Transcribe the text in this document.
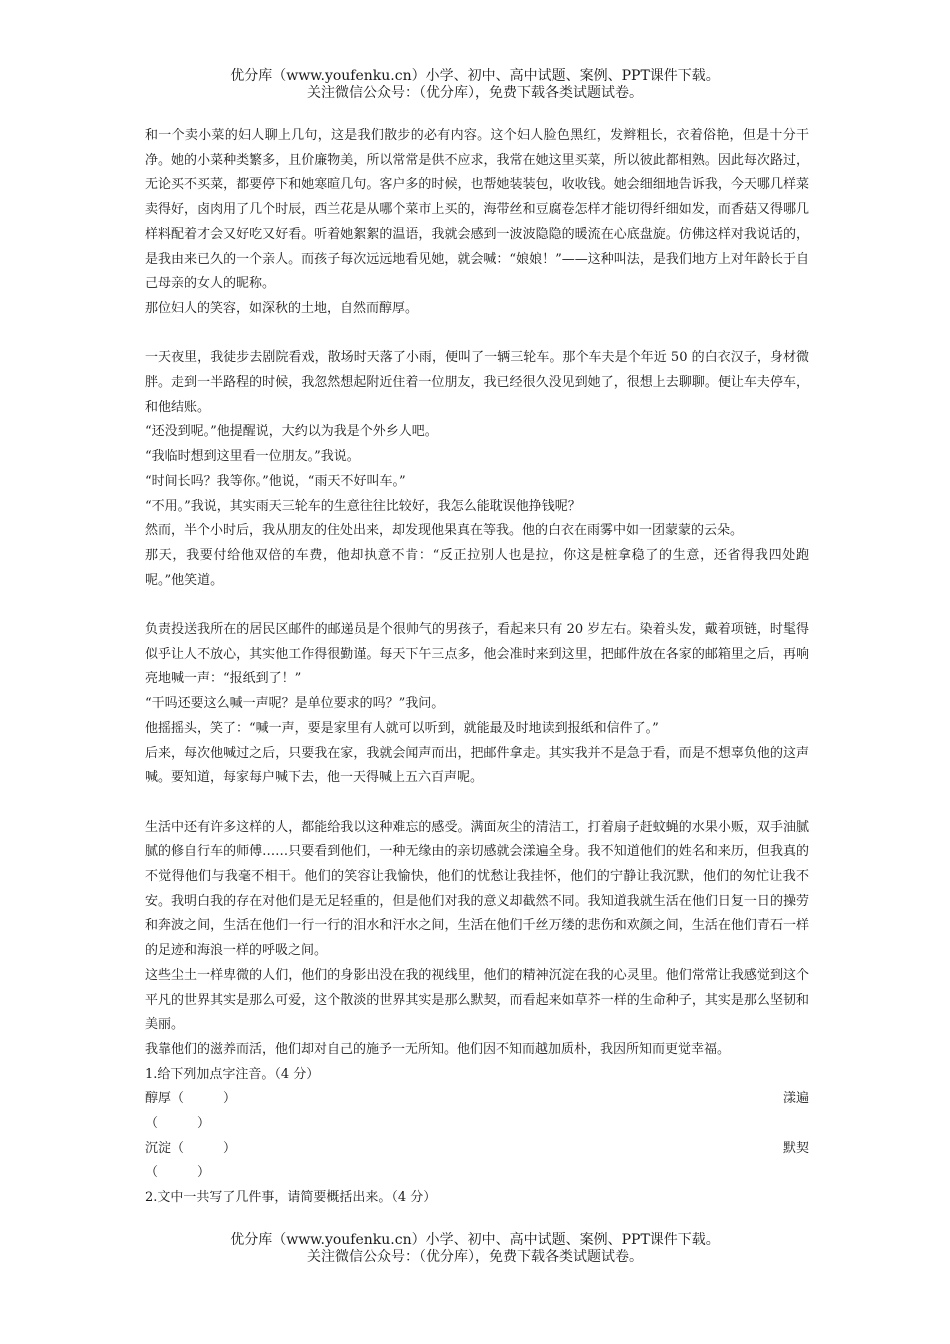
优分库（www.youfenku.cn）小学、初中、高中试题、案例、PPT课件下载。
关注微信公众号：（优分库），免费下载各类试题试卷。

和一个卖小菜的妇人聊上几句，这是我们散步的必有内容。这个妇人脸色黑红，发辫粗长，衣着俗艳，但是十分干净。她的小菜种类繁多，且价廉物美，所以常常是供不应求，我常在她这里买菜，所以彼此都相熟。因此每次路过，无论买不买菜，都要停下和她寒暄几句。客户多的时候，也帮她装装包，收收钱。她会细细地告诉我，今天哪几样菜卖得好，卤肉用了几个时辰，西兰花是从哪个菜市上买的，海带丝和豆腐卷怎样才能切得纤细如发，而香菇又得哪几样料配着才会又好吃又好看。听着她絮絮的温语，我就会感到一波波隐隐的暖流在心底盘旋。仿佛这样对我说话的，是我由来已久的一个亲人。而孩子每次远远地看见她，就会喊：“娘娘！”——这种叫法，是我们地方上对年龄长于自己母亲的女人的昵称。

那位妇人的笑容，如深秋的土地，自然而醇厚。

一天夜里，我徒步去剧院看戏，散场时天落了小雨，便叫了一辆三轮车。那个车夫是个年近 50 的白衣汉子，身材微胖。走到一半路程的时候，我忽然想起附近住着一位朋友，我已经很久没见到她了，很想上去聊聊。便让车夫停车，和他结账。

“还没到呢。”他提醒说，大约以为我是个外乡人吧。

“我临时想到这里看一位朋友。”我说。

“时间长吗？我等你。”他说，“雨天不好叫车。”

“不用。”我说，其实雨天三轮车的生意往往比较好，我怎么能耽误他挣钱呢？

然而，半个小时后，我从朋友的住处出来，却发现他果真在等我。他的白衣在雨雾中如一团蒙蒙的云朵。

那天，我要付给他双倍的车费，他却执意不肯：“反正拉别人也是拉，你这是桩拿稳了的生意，还省得我四处跑呢。”他笑道。

负责投送我所在的居民区邮件的邮递员是个很帅气的男孩子，看起来只有 20 岁左右。染着头发，戴着项链，时髦得似乎让人不放心，其实他工作得很勤谨。每天下午三点多，他会准时来到这里，把邮件放在各家的邮箱里之后，再响亮地喊一声：“报纸到了！”

“干吗还要这么喊一声呢？是单位要求的吗？”我问。

他摇摇头，笑了：“喊一声，要是家里有人就可以听到，就能最及时地读到报纸和信件了。”

后来，每次他喊过之后，只要我在家，我就会闻声而出，把邮件拿走。其实我并不是急于看，而是不想辜负他的这声喊。要知道，每家每户喊下去，他一天得喊上五六百声呢。

生活中还有许多这样的人，都能给我以这种难忘的感受。满面灰尘的清洁工，打着扇子赶蚊蝇的水果小贩，双手油腻腻的修自行车的师傅……只要看到他们，一种无缘由的亲切感就会漾遍全身。我不知道他们的姓名和来历，但我真的不觉得他们与我毫不相干。他们的笑容让我愉快，他们的忧愁让我挂怀，他们的宁静让我沉默，他们的匆忙让我不安。我明白我的存在对他们是无足轻重的，但是他们对我的意义却截然不同。我知道我就生活在他们日复一日的操劳和奔波之间，生活在他们一行一行的泪水和汗水之间，生活在他们千丝万缕的悲伤和欢颜之间，生活在他们青石一样的足迹和海浪一样的呼吸之间。

这些尘土一样卑微的人们，他们的身影出没在我的视线里，他们的精神沉淀在我的心灵里。他们常常让我感觉到这个平凡的世界其实是那么可爱，这个散淡的世界其实是那么默契，而看起来如草芥一样的生命种子，其实是那么坚韧和美丽。

我靠他们的滋养而活，他们却对自己的施予一无所知。他们因不知而越加质朴，我因所知而更觉幸福。

1.给下列加点字注音。（4 分）

醇厚（　　　）	漾遍

（　　　）

沉淀（　　　）	默契

（　　　）

2.文中一共写了几件事，请简要概括出来。（4 分）

优分库（www.youfenku.cn）小学、初中、高中试题、案例、PPT课件下载。
关注微信公众号：（优分库），免费下载各类试题试卷。
